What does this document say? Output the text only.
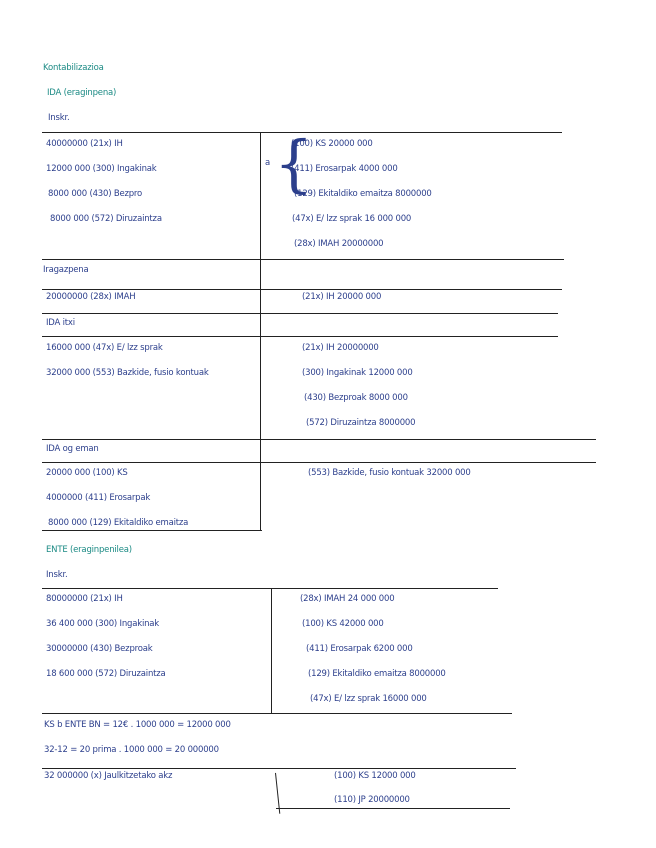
Kontabilizazioa
IDA (eraginpena)
Inskr.
40000000 (21x) IH
12000 000 (300) Ingakinak
8000 000 (430) Bezpro
8000 000 (572) Diruzaintza
a {
(100) KS 20000 000
(411) Erosarpak 4000 000
(129) Ekitaldiko emaitza 8000000
(47x) E/ lzz sprak 16 000 000
(28x) IMAH 20000000
Iragazpena
20000000 (28x) IMAH	(21x) IH 20000 000
IDA itxi
16000 000 (47x) E/ lzz sprak
32000 000 (553) Bazkide, fusio kontuak
(21x) IH 20000000
(300) Ingakinak 12000 000
(430) Bezproak 8000 000
(572) Diruzaintza 8000000
IDA og eman
20000 000 (100) KS
4000000 (411) Erosarpak
8000 000 (129) Ekitaldiko emaitza
(553) Bazkide, fusio kontuak 32000 000
ENTE (eraginpenilea)
Inskr.
80000000 (21x) IH
36 400 000 (300) Ingakinak
30000000 (430) Bezproak
18 600 000 (572) Diruzaintza
(28x) IMAH 24 000 000
(100) KS 42000 000
(411) Erosarpak 6200 000
(129) Ekitaldiko emaitza 8000000
(47x) E/ lzz sprak 16000 000
KS b ENTE BN = 12€ . 1000 000 = 12000 000
32-12 = 20 prima . 1000 000 = 20 000000
32 000000 (x) Jaulkitzetako akz	(100) KS 12000 000
(110) JP 20000000
